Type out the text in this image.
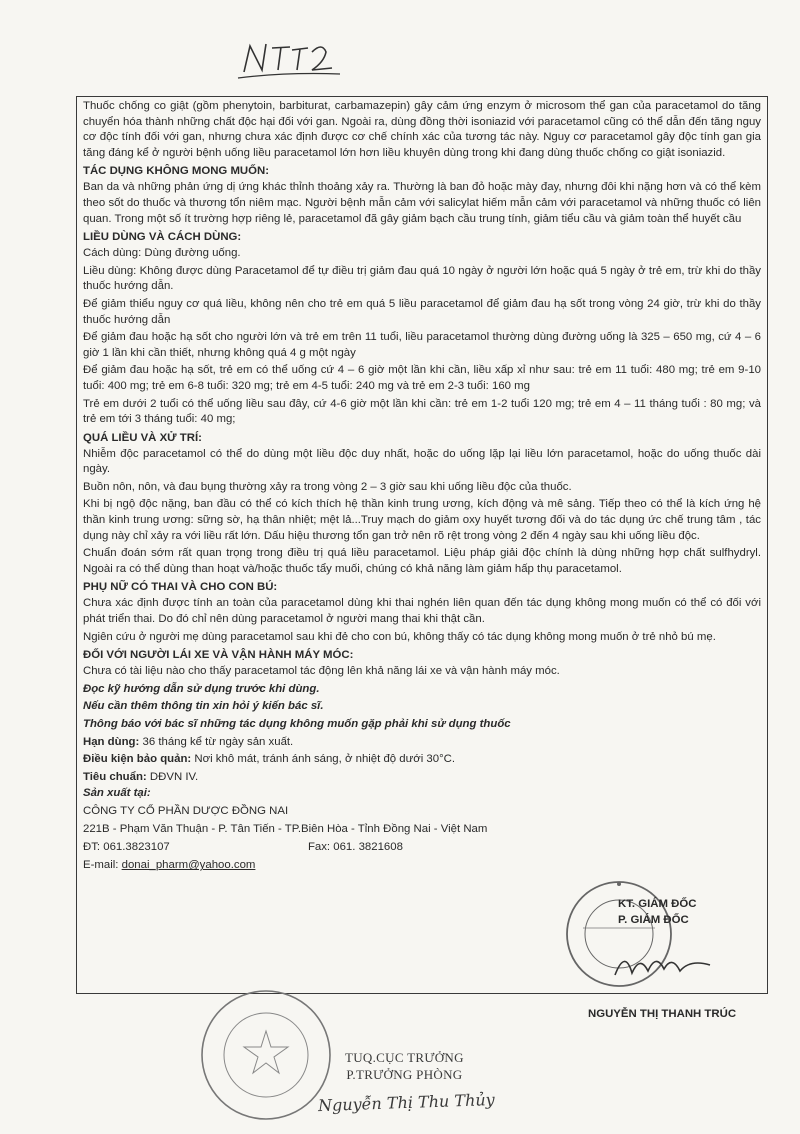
Thuốc chống co giật (gồm phenytoin, barbiturat, carbamazepin) gây cảm ứng enzym ở microsom thể gan của paracetamol do tăng chuyển hóa thành những chất độc hại đối với gan. Ngoài ra, dùng đồng thời isoniazid với paracetamol cũng có thể dẫn đến tăng nguy cơ độc tính đối với gan, nhưng chưa xác định được cơ chế chính xác của tương tác này. Nguy cơ paracetamol gây độc tính gan gia tăng đáng kể ở người bệnh uống liều paracetamol lớn hơn liều khuyên dùng trong khi đang dùng thuốc chống co giật isoniazid.

TÁC DỤNG KHÔNG MONG MUỐN:

Ban da và những phản ứng dị ứng khác thỉnh thoảng xảy ra. Thường là ban đỏ hoặc mày đay, nhưng đôi khi nặng hơn và có thể kèm theo sốt do thuốc và thương tổn niêm mạc. Người bệnh mẫn cảm với salicylat hiếm mẫn cảm với paracetamol và những thuốc có liên quan. Trong một số ít trường hợp riêng lẻ, paracetamol đã gây giảm bạch cầu trung tính, giảm tiểu cầu và giảm toàn thể huyết cầu

LIỀU DÙNG VÀ CÁCH DÙNG:

Cách dùng: Dùng đường uống.

Liều dùng: Không được dùng Paracetamol để tự điều trị giảm đau quá 10 ngày ở người lớn hoặc quá 5 ngày ở trẻ em, trừ khi do thầy thuốc hướng dẫn.

Để giảm thiểu nguy cơ quá liều, không nên cho trẻ em quá 5 liều paracetamol để giảm đau hạ sốt trong vòng 24 giờ, trừ khi do thầy thuốc hướng dẫn

Để giảm đau hoặc hạ sốt cho người lớn và trẻ em trên 11 tuổi, liều paracetamol thường dùng đường uống là 325 – 650 mg, cứ 4 – 6 giờ 1 lần khi cần thiết, nhưng không quá 4 g một ngày

Để giảm đau hoặc hạ sốt, trẻ em có thể uống cứ 4 – 6 giờ một lần khi cần, liều xấp xỉ như sau: trẻ em 11 tuổi: 480 mg; trẻ em 9-10 tuổi: 400 mg; trẻ em 6-8 tuổi: 320 mg; trẻ em 4-5 tuổi: 240 mg và trẻ em 2-3 tuổi: 160 mg

Trẻ em dưới 2 tuổi có thể uống liều sau đây, cứ 4-6 giờ một lần khi cần: trẻ em 1-2 tuổi 120 mg; trẻ em 4 – 11 tháng tuổi : 80 mg; và trẻ em tới 3 tháng tuổi: 40 mg;

QUÁ LIỀU VÀ XỬ TRÍ:

Nhiễm độc paracetamol có thể do dùng một liều độc duy nhất, hoặc do uống lặp lại liều lớn paracetamol, hoặc do uống thuốc dài ngày.

Buồn nôn, nôn, và đau bụng thường xảy ra trong vòng 2 – 3 giờ sau khi uống liều độc của thuốc.

Khi bị ngộ độc nặng, ban đầu có thể có kích thích hệ thần kinh trung ương, kích động và mê sảng. Tiếp theo có thể là kích ứng hệ thần kinh trung ương: sững sờ, hạ thân nhiệt; mệt lả...Truy mạch do giảm oxy huyết tương đối và do tác dụng ức chế trung tâm , tác dụng này chỉ xảy ra với liều rất lớn. Dấu hiệu thương tổn gan trở nên rõ rệt trong vòng 2 đến 4 ngày sau khi uống liều độc.

Chuẩn đoán sớm rất quan trọng trong điều trị quá liều paracetamol. Liệu pháp giải độc chính là dùng những hợp chất sulfhydryl. Ngoài ra có thể dùng than hoạt và/hoặc thuốc tẩy muối, chúng có khả năng làm giảm hấp thụ paracetamol.

PHỤ NỮ CÓ THAI VÀ CHO CON BÚ:

Chưa xác định được tính an toàn của paracetamol dùng khi thai nghén liên quan đến tác dụng không mong muốn có thể có đối với phát triển thai. Do đó chỉ nên dùng paracetamol ở người mang thai khi thật cần.

Ngiên cứu ở người mẹ dùng paracetamol sau khi đẻ cho con bú, không thấy có tác dụng không mong muốn ở trẻ nhỏ bú mẹ.

ĐỐI VỚI NGƯỜI LÁI XE VÀ VẬN HÀNH MÁY MÓC:

Chưa có tài liệu nào cho thấy paracetamol tác động lên khả năng lái xe và vận hành máy móc.

Đọc kỹ hướng dẫn sử dụng trước khi dùng.

Nếu cần thêm thông tin xin hỏi ý kiến bác sĩ.

Thông báo với bác sĩ những tác dụng không muốn gặp phải khi sử dụng thuốc

Hạn dùng: 36 tháng kể từ ngày sản xuất.

Điều kiện bảo quản: Nơi khô mát, tránh ánh sáng, ở nhiệt độ dưới 30°C.

Tiêu chuẩn: DĐVN IV.

Sản xuất tại:

CÔNG TY CỔ PHẦN DƯỢC ĐỒNG NAI

221B - Phạm Văn Thuận - P. Tân Tiến - TP.Biên Hòa - Tỉnh Đồng Nai - Việt Nam

ĐT: 061.3823107	Fax: 061. 3821608

E-mail: donai_pharm@yahoo.com

KT. GIÁM ĐỐC
P. GIÁM ĐỐC
NGUYỄN THỊ THANH TRÚC
TUQ.CỤC TRƯỞNG
P.TRƯỞNG PHÒNG
Nguyễn Thị Thu Thủy
